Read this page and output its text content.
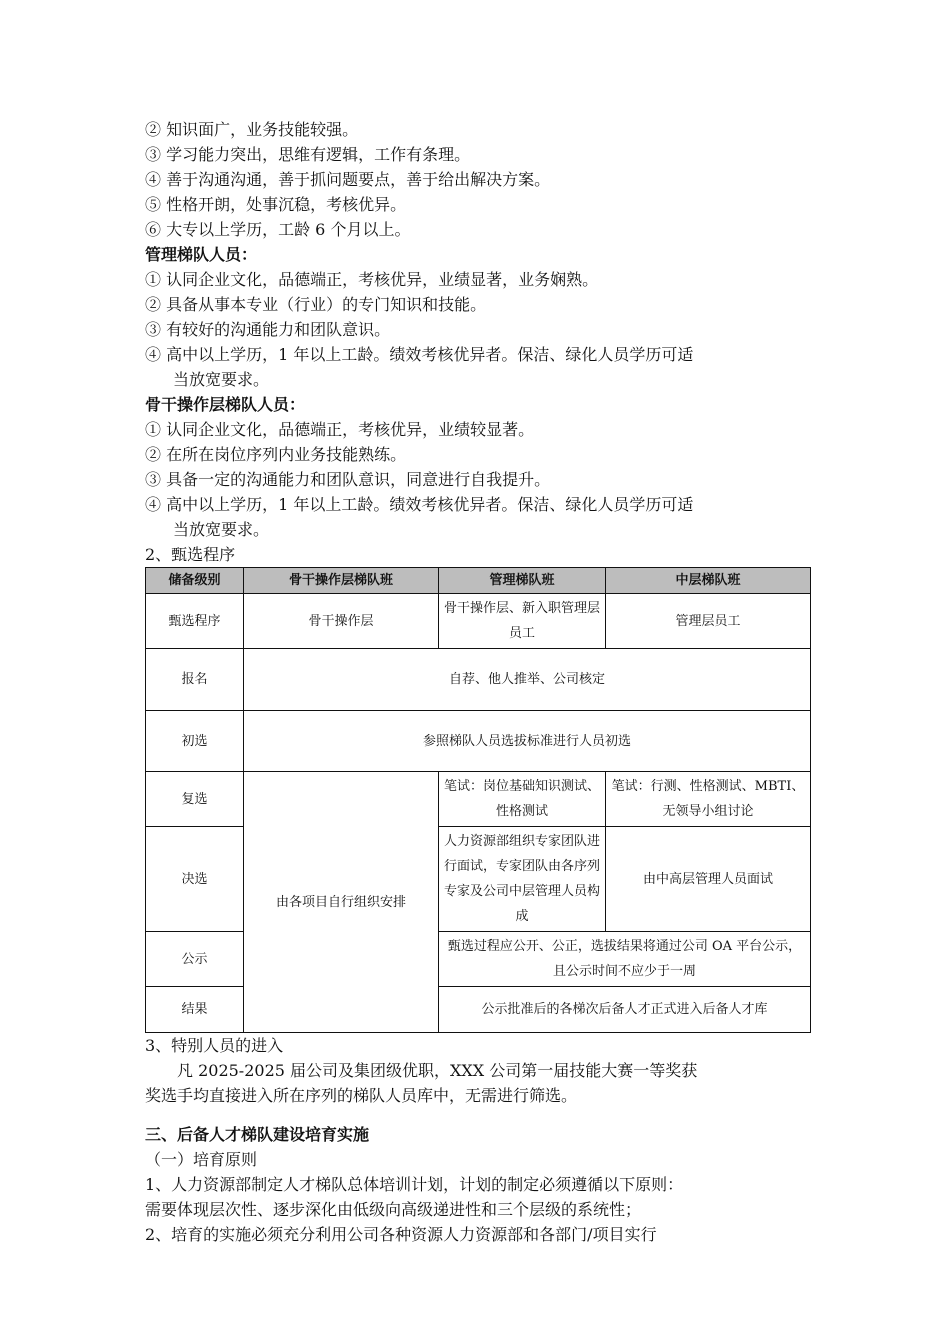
② 知识面广，业务技能较强。
③ 学习能力突出，思维有逻辑，工作有条理。
④ 善于沟通沟通，善于抓问题要点，善于给出解决方案。
⑤ 性格开朗，处事沉稳，考核优异。
⑥ 大专以上学历，工龄 6 个月以上。
管理梯队人员：
① 认同企业文化，品德端正，考核优异，业绩显著，业务娴熟。
② 具备从事本专业（行业）的专门知识和技能。
③ 有较好的沟通能力和团队意识。
④ 高中以上学历，1 年以上工龄。绩效考核优异者。保洁、绿化人员学历可适
当放宽要求。
骨干操作层梯队人员：
① 认同企业文化，品德端正，考核优异，业绩较显著。
② 在所在岗位序列内业务技能熟练。
③ 具备一定的沟通能力和团队意识，同意进行自我提升。
④ 高中以上学历，1 年以上工龄。绩效考核优异者。保洁、绿化人员学历可适
当放宽要求。
2、甄选程序
储备级别	骨干操作层梯队班	管理梯队班	中层梯队班
甄选程序	骨干操作层	骨干操作层、新入职管理层员工	管理层员工
报名	自荐、他人推举、公司核定		
初选	参照梯队人员选拔标准进行人员初选		
复选	由各项目自行组织安排	笔试：岗位基础知识测试、性格测试	笔试：行测、性格测试、MBTI、无领导小组讨论
决选		人力资源部组织专家团队进行面试，专家团队由各序列专家及公司中层管理人员构成	由中高层管理人员面试
公示		甄选过程应公开、公正，选拔结果将通过公司 OA 平台公示，且公示时间不应少于一周	
结果		公示批准后的各梯次后备人才正式进入后备人才库	
3、特别人员的进入
凡 2025-2025 届公司及集团级优职，XXX 公司第一届技能大赛一等奖获
奖选手均直接进入所在序列的梯队人员库中，无需进行筛选。
三、后备人才梯队建设培育实施
（一）培育原则
1、人力资源部制定人才梯队总体培训计划，计划的制定必须遵循以下原则：
需要体现层次性、逐步深化由低级向高级递进性和三个层级的系统性；
2、培育的实施必须充分利用公司各种资源人力资源部和各部门/项目实行
